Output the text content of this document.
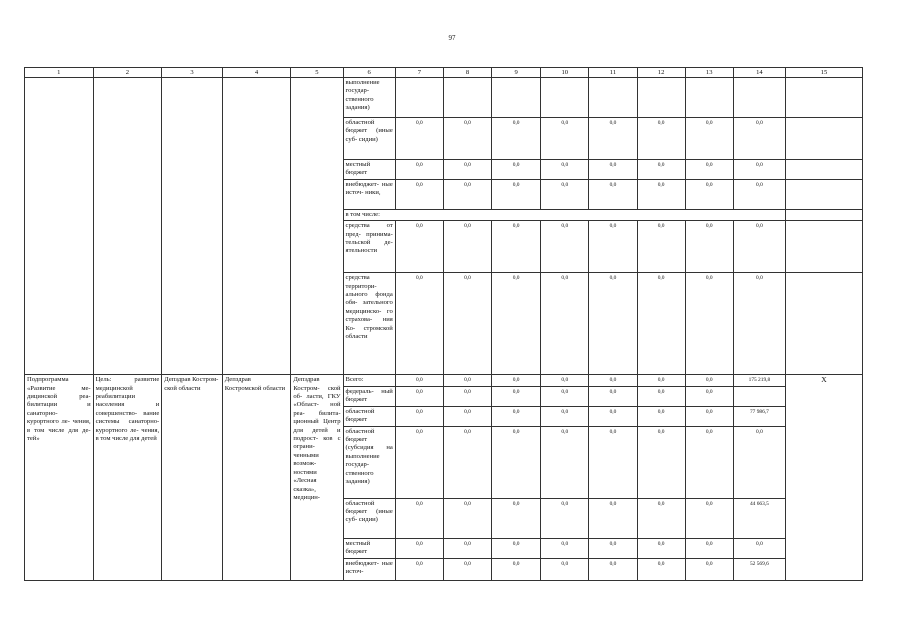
97
1	2	3	4	5	6	7	8	9	10	11	12	13	14	15
					выполнение государ- ственного задания)									
					областной бюджет (иные суб- сидии)	0,0	0,0	0,0	0,0	0,0	0,0	0,0	0,0	
					местный бюджет	0,0	0,0	0,0	0,0	0,0	0,0	0,0	0,0	
					внебюджет- ные источ- ники,	0,0	0,0	0,0	0,0	0,0	0,0	0,0	0,0	
					в том числе:									
					средства от пред- принима- тельской де- ятельности	0,0	0,0	0,0	0,0	0,0	0,0	0,0	0,0	
					средства территори- ального фонда обя- зательного медицинско- го страхова- ния Ко- стромской области	0,0	0,0	0,0	0,0	0,0	0,0	0,0	0,0	
Подпрограмма «Развитие ме- дицинской реа- билитации и санаторно- курортного ле- чения, в том числе для де- тей»	Цель: развитие медицинской реабилитации населения и совершенство- вание системы санаторно- курортного ле- чения, в том числе для детей	Депздрав Костром- ской области	Депздрав Костромской области	Депздрав Костром- ской об- ласти, ГКУ «Област- ной реа- билита- ционный Центр для детей и подрост- ков с ограни- ченными возмож- ностями «Лесная сказка», медицин-	Всего:	0,0	0,0	0,0	0,0	0,0	0,0	0,0	175 219,8	Х
					федераль- ный бюджет	0,0	0,0	0,0	0,0	0,0	0,0	0,0		
					областной бюджет	0,0	0,0	0,0	0,0	0,0	0,0	0,0	77 986,7	
					областной бюджет (субсидия на выполнение государ- ственного задания)	0,0	0,0	0,0	0,0	0,0	0,0	0,0	0,0	
					областной бюджет (иные суб- сидии)	0,0	0,0	0,0	0,0	0,0	0,0	0,0	44 663,5	
					местный бюджет	0,0	0,0	0,0	0,0	0,0	0,0	0,0	0,0	
					внебюджет- ные источ-	0,0	0,0	0,0	0,0	0,0	0,0	0,0	52 569,6	
